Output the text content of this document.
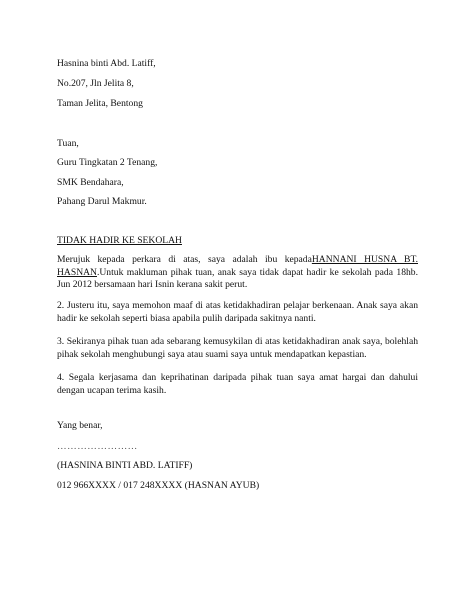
Hasnina binti Abd. Latiff,
No.207, Jln Jelita 8,
Taman Jelita, Bentong
Tuan,
Guru Tingkatan 2 Tenang,
SMK Bendahara,
Pahang Darul Makmur.
TIDAK HADIR KE SEKOLAH
Merujuk kepada perkara di atas, saya adalah ibu kepadaHANNANI HUSNA BT. HASNAN.Untuk makluman pihak tuan, anak saya tidak dapat hadir ke sekolah pada 18hb. Jun 2012 bersamaan hari Isnin kerana sakit perut.
2. Justeru itu, saya memohon maaf di atas ketidakhadiran pelajar berkenaan. Anak saya akan hadir ke sekolah seperti biasa apabila pulih daripada sakitnya nanti.
3. Sekiranya pihak tuan ada sebarang kemusykilan di atas ketidakhadiran anak saya, bolehlah pihak sekolah menghubungi saya atau suami saya untuk mendapatkan kepastian.
4. Segala kerjasama dan keprihatinan daripada pihak tuan saya amat hargai dan dahului dengan ucapan terima kasih.
Yang benar,
……………………
(HASNINA BINTI ABD. LATIFF)
012 966XXXX / 017 248XXXX (HASNAN AYUB)
